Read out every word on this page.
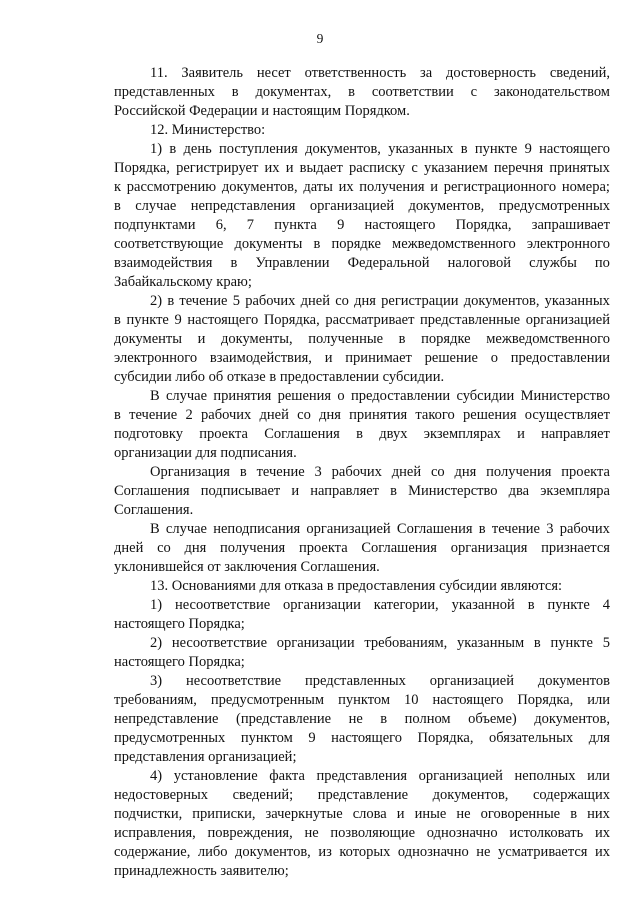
9
11. Заявитель несет ответственность за достоверность сведений,
представленных в документах, в соответствии с законодательством
Российской Федерации и настоящим Порядком.
12. Министерство:
1) в день поступления документов, указанных в пункте 9 настоящего
Порядка, регистрирует их и выдает расписку с указанием перечня принятых
к рассмотрению документов, даты их получения и регистрационного номера;
в случае непредставления организацией документов, предусмотренных
подпунктами 6, 7 пункта 9 настоящего Порядка, запрашивает
соответствующие документы в порядке межведомственного электронного
взаимодействия в Управлении Федеральной налоговой службы по
Забайкальскому краю;
2) в течение 5 рабочих дней со дня регистрации документов, указанных
в пункте 9 настоящего Порядка, рассматривает представленные организацией
документы и документы, полученные в порядке межведомственного
электронного взаимодействия, и принимает решение о предоставлении
субсидии либо об отказе в предоставлении субсидии.
В случае принятия решения о предоставлении субсидии Министерство
в течение 2 рабочих дней со дня принятия такого решения осуществляет
подготовку проекта Соглашения в двух экземплярах и направляет
организации для подписания.
Организация в течение 3 рабочих дней со дня получения проекта
Соглашения подписывает и направляет в Министерство два экземпляра
Соглашения.
В случае неподписания организацией Соглашения в течение 3 рабочих
дней со дня получения проекта Соглашения организация признается
уклонившейся от заключения Соглашения.
13. Основаниями для отказа в предоставления субсидии являются:
1) несоответствие организации категории, указанной в пункте 4
настоящего Порядка;
2) несоответствие организации требованиям, указанным в пункте 5
настоящего Порядка;
3) несоответствие представленных организацией документов
требованиям, предусмотренным пунктом 10 настоящего Порядка, или
непредставление (представление не в полном объеме) документов,
предусмотренных пунктом 9 настоящего Порядка, обязательных для
представления организацией;
4) установление факта представления организацией неполных или
недостоверных сведений; представление документов, содержащих
подчистки, приписки, зачеркнутые слова и иные не оговоренные в них
исправления, повреждения, не позволяющие однозначно истолковать их
содержание, либо документов, из которых однозначно не усматривается их
принадлежность заявителю;
